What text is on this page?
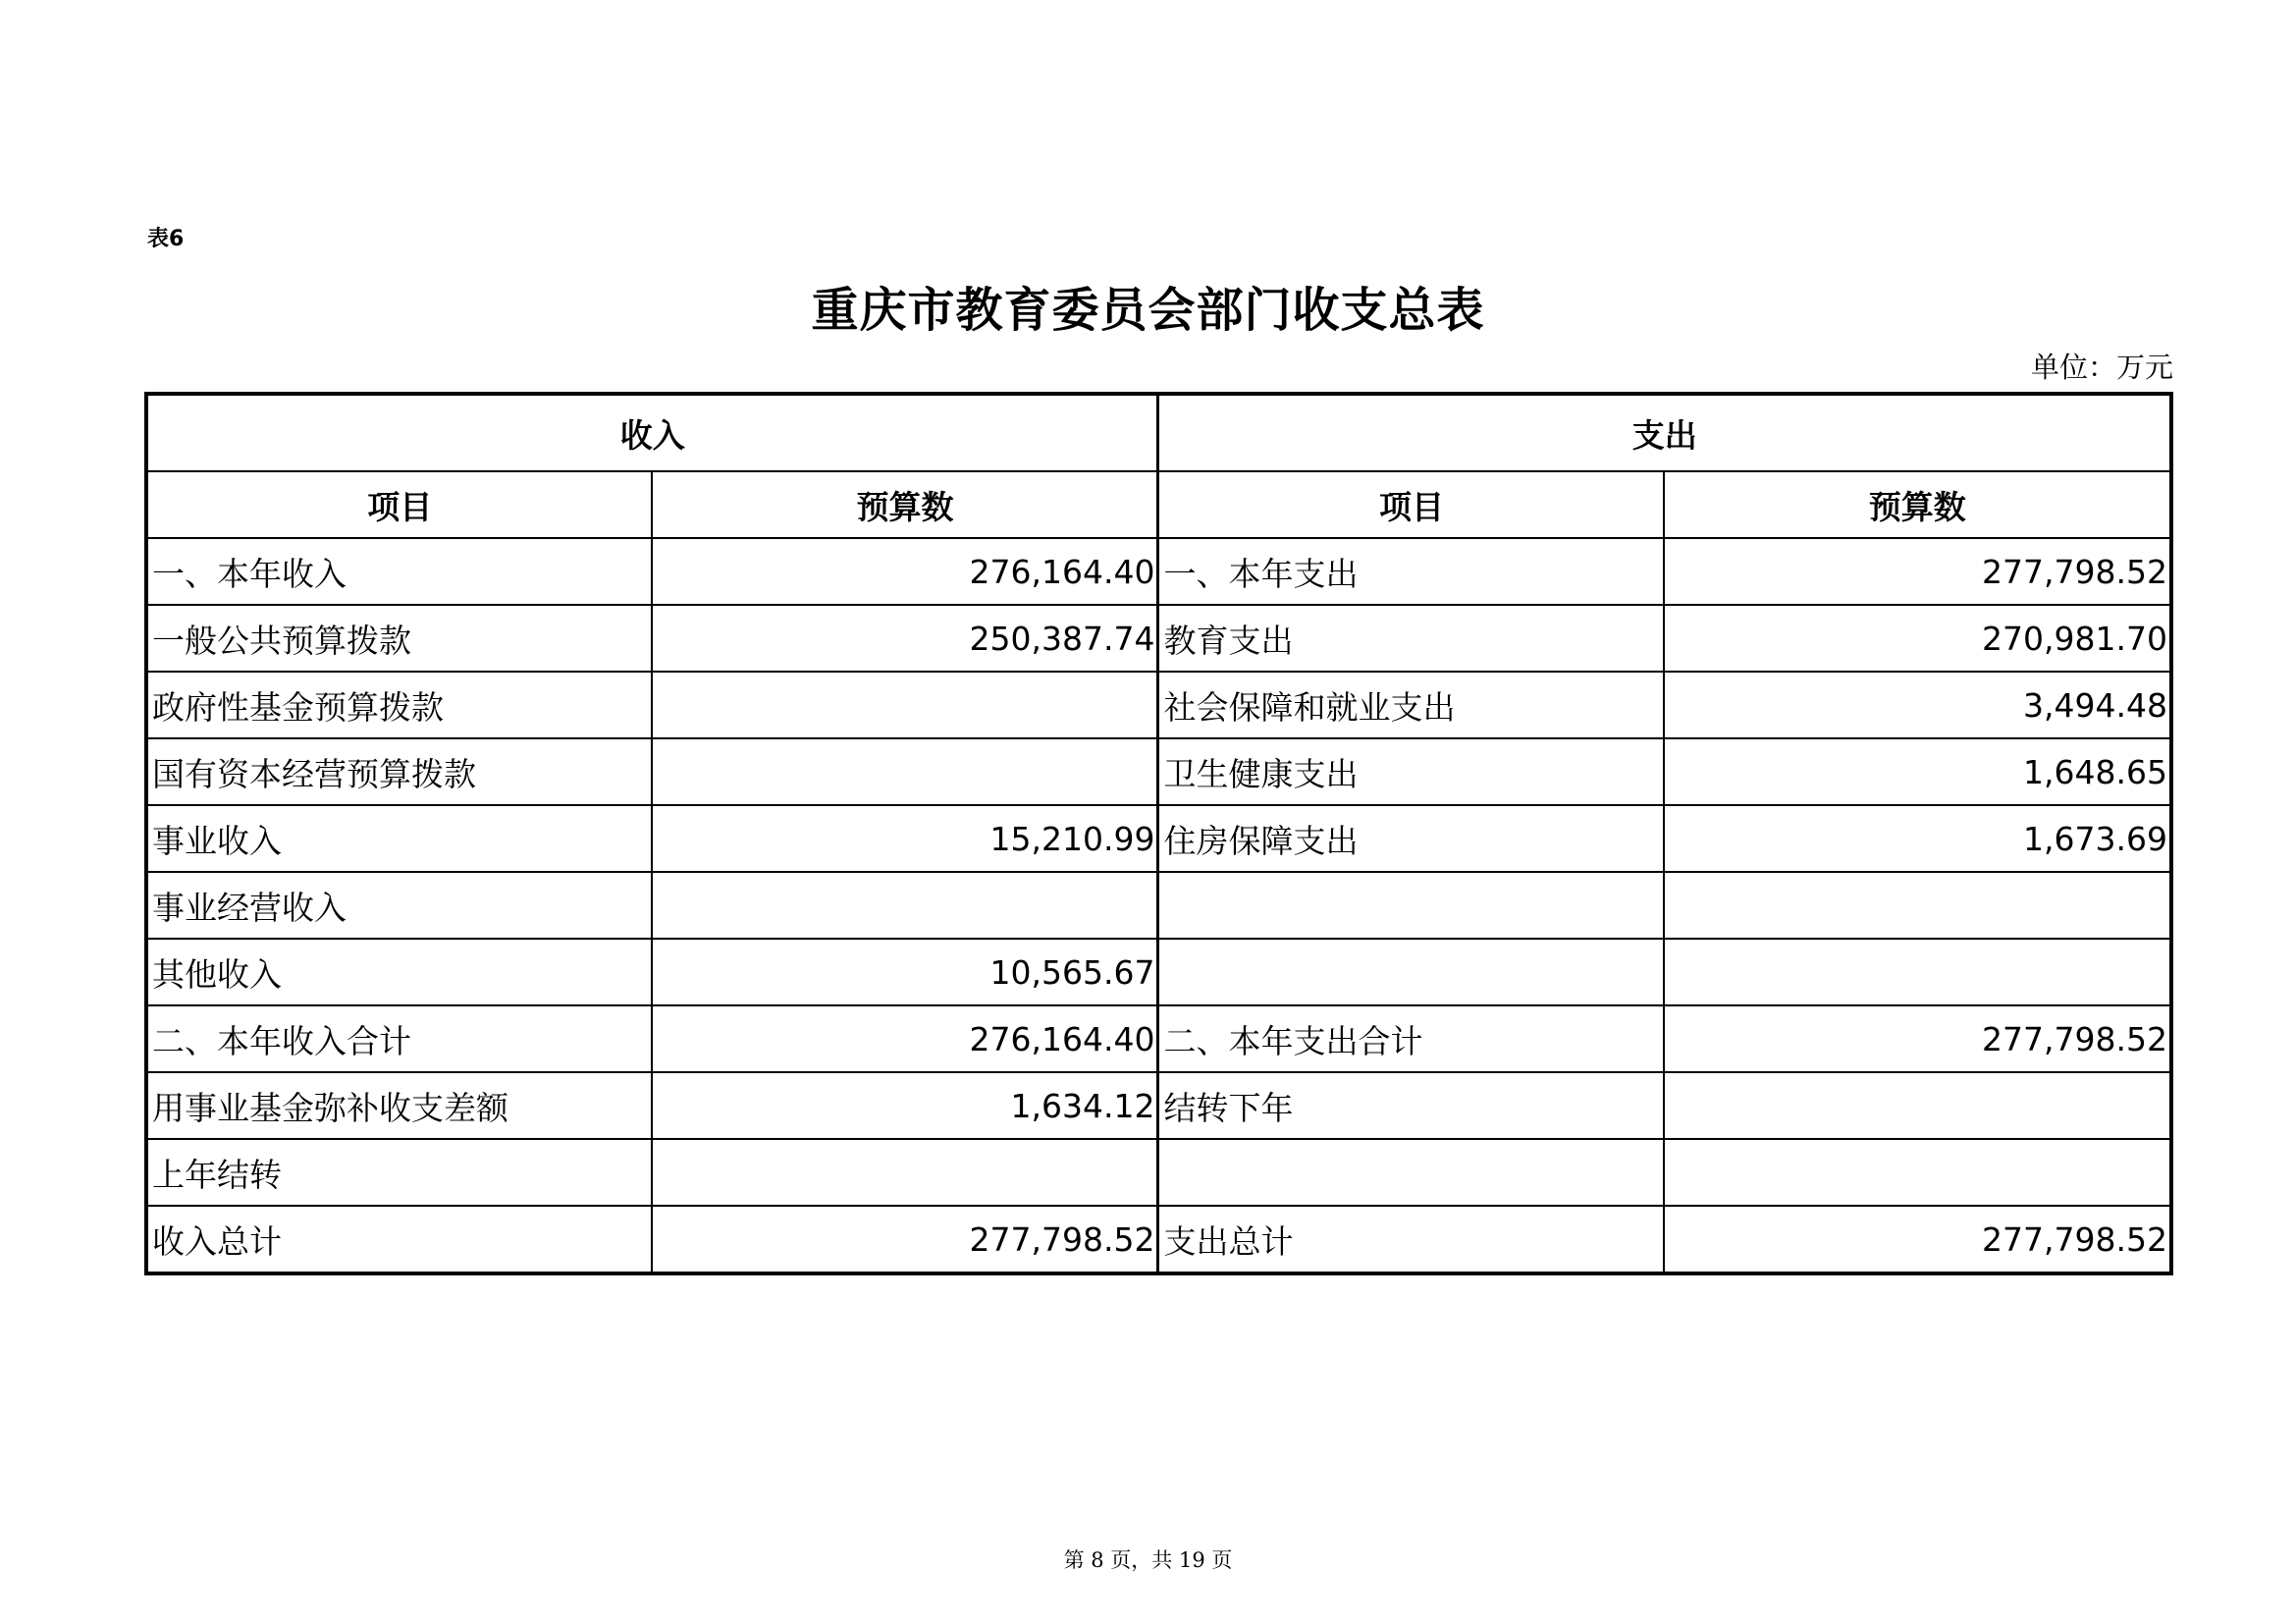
表6
重庆市教育委员会部门收支总表
单位：万元
收入		支出	
项目	预算数	项目	预算数
一、本年收入	276,164.40	一、本年支出	277,798.52
一般公共预算拨款	250,387.74	教育支出	270,981.70
政府性基金预算拨款		社会保障和就业支出	3,494.48
国有资本经营预算拨款		卫生健康支出	1,648.65
事业收入	15,210.99	住房保障支出	1,673.69
事业经营收入			
其他收入	10,565.67		
二、本年收入合计	276,164.40	二、本年支出合计	277,798.52
用事业基金弥补收支差额	1,634.12	结转下年	
上年结转			
收入总计	277,798.52	支出总计	277,798.52
第 8 页，共 19 页
